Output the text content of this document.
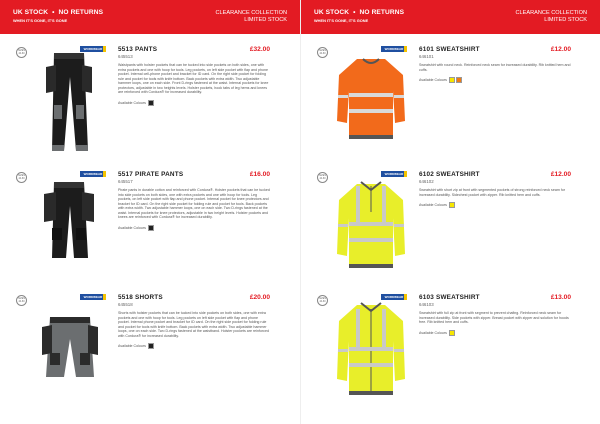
UK STOCK • NO RETURNS
WHEN IT'S GONE, IT'S GONE
CLEARANCE COLLECTION
LIMITED STOCK
SIZES 44-60
WORKWEAR	5513 PANTS	£32.00
645513
Waistpants with holster pockets that can be tucked into side pockets on both sides, one with extra pockets and one with hoop for tools. Leg pockets, on left side pocket with flap and phone pocket. Internal cell-phone pocket and bracket for ID card. On the right side pocket for folding rule and pocket for tools with knife bottom. Back pockets with extra width. Two adjustable hammer loops, one on each side. Front D-rings fastened at the waist. Internal pockets for knee protectors, adjustable in two heights levels. Holster pockets, hook tabs of leg hems and knees are reinforced with Cordura® for increased durability.
Available Colours
SIZES 44-60
WORKWEAR	5517 PIRATE PANTS	£16.00
645517
Pirate pants in durable cotton and reinforced with Cordura®. Holster pockets that can be tucked into side pockets on both sides, one with extra pockets and one with hoop for tools. Leg pockets, on left side pocket with flap and phone pocket. Internal pocket for knee protectors and bracket for ID card. On the right side pocket for folding rule and pocket for tools. Back pockets with extra width. Two adjustable hammer loops, one on each side. Two D-rings fastened at the waist. Internal pockets for knee protectors, adjustable in two height levels. Holster pockets and knees are reinforced with Cordura® for increased durability.
Available Colours
SIZES 44-60
WORKWEAR	5518 SHORTS	£20.00
645518
Shorts with holster pockets that can be tucked into side pockets on both sides, one with extra pockets and one with hoop for tools. Leg pockets on left side pocket with flap and phone pocket. Internal phone pocket and bracket for ID card. On the right side pocket for folding rule and pocket for tools with knife bottom. Back pockets with extra width. Two adjustable hammer loops, one on each side. Two D-rings fastened at the waistband. Holster pockets are reinforced with Cordura® for increased durability.
Available Colours
UK STOCK • NO RETURNS
WHEN IT'S GONE, IT'S GONE
CLEARANCE COLLECTION
LIMITED STOCK
SIZES 44-60
WORKWEAR	6101 SWEATSHIRT	£12.00
646101
Sweatshirt with round neck. Reinforced neck seam for increased durability. Rib knitted hem and cuffs.
Available Colours
SIZES 44-60
WORKWEAR	6102 SWEATSHIRT	£12.00
646102
Sweatshirt with short zip at front with segmented pockets of strong reinforced neck seam for increased durability. Sidechest pocket with zipper. Rib knitted hem and cuffs.
Available Colours
SIZES 44-60
WORKWEAR	6103 SWEATSHIRT	£13.00
646103
Sweatshirt with full zip at front with segment to prevent chafing. Reinforced neck seam for increased durability. Side pockets with zipper. Breast pocket with zipper and solution for hoods free. Rib knitted hem and cuffs.
Available Colours
